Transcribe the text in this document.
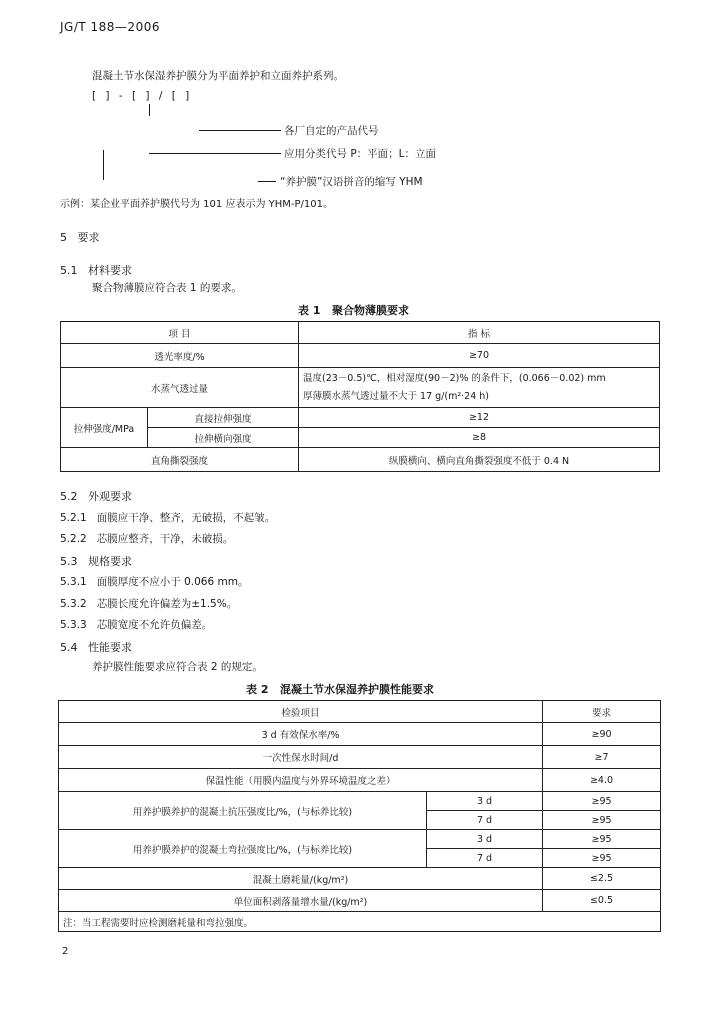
JG/T 188—2006
混凝土节水保湿养护膜分为平面养护和立面养护系列。
[ ] - [ ] / [ ]
各厂自定的产品代号
应用分类代号 P：平面；L：立面
“养护膜”汉语拼音的缩写 YHM
示例：某企业平面养护膜代号为 101 应表示为 YHM-P/101。
5 要求
5.1 材料要求
聚合物薄膜应符合表 1 的要求。
表 1 聚合物薄膜要求
项 目		指 标
透光率度/%		≥70
水蒸气透过量		温度(23－0.5)℃，相对湿度(90－2)% 的条件下，(0.066－0.02) mm
厚薄膜水蒸气透过量不大于 17 g/(m²·24 h)

拉伸强度/MPa	直接拉伸强度	≥12
	拉伸横向强度	≥8
直角撕裂强度		纵膜横向、横向直角撕裂强度不低于 0.4 N
5.2 外观要求
5.2.1 面膜应干净、整齐，无破损，不起皱。
5.2.2 芯膜应整齐，干净，未破损。
5.3 规格要求
5.3.1 面膜厚度不应小于 0.066 mm。
5.3.2 芯膜长度允许偏差为±1.5%。
5.3.3 芯膜宽度不允许负偏差。
5.4 性能要求
养护膜性能要求应符合表 2 的规定。
表 2 混凝土节水保湿养护膜性能要求
检验项目		要求
3 d 有效保水率/%		≥90
一次性保水时间/d		≥7
保温性能（用膜内温度与外界环境温度之差）		≥4.0
用养护膜养护的混凝土抗压强度比/%，(与标养比较)	3 d	≥95
	7 d	≥95
用养护膜养护的混凝土弯拉强度比/%，(与标养比较)	3 d	≥95
	7 d	≥95
混凝土磨耗量/(kg/m²)		≤2.5
单位面积剥落量增水量/(kg/m²)		≤0.5
注：当工程需要时应检测磨耗量和弯拉强度。		
2
